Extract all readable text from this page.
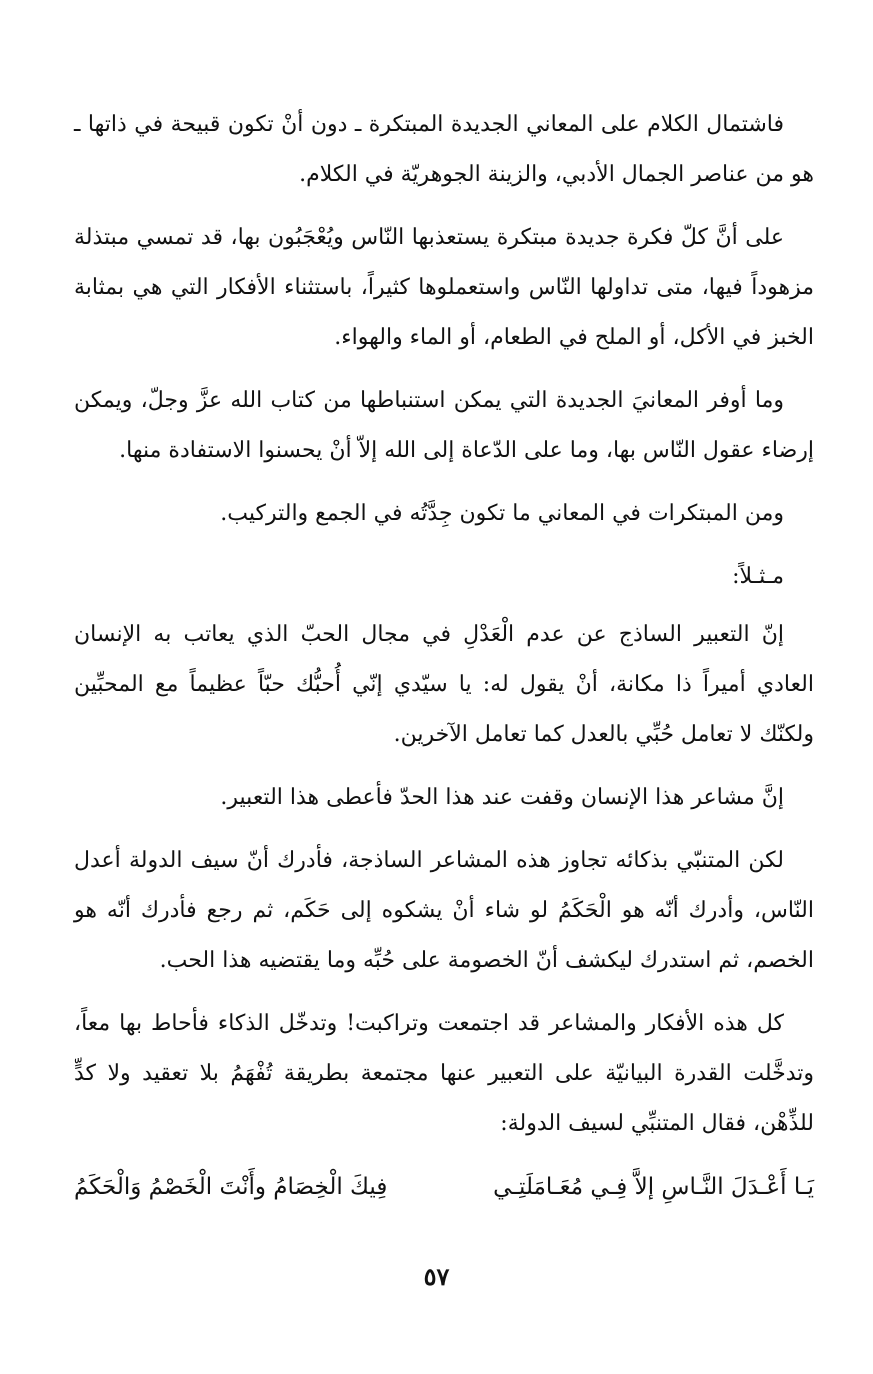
فاشتمال الكلام على المعاني الجديدة المبتكرة ـ دون أنْ تكون قبيحة في ذاتها ـ هو من عناصر الجمال الأدبي، والزينة الجوهريّة في الكلام.

على أنَّ كلّ فكرة جديدة مبتكرة يستعذبها النّاس ويُعْجَبُون بها، قد تمسي مبتذلة مزهوداً فيها، متى تداولها النّاس واستعملوها كثيراً، باستثناء الأفكار التي هي بمثابة الخبز في الأكل، أو الملح في الطعام، أو الماء والهواء.

وما أوفر المعانيَ الجديدة التي يمكن استنباطها من كتاب الله عزَّ وجلّ، ويمكن إرضاء عقول النّاس بها، وما على الدّعاة إلى الله إلاّ أنْ يحسنوا الاستفادة منها.

ومن المبتكرات في المعاني ما تكون جِدَّتُه في الجمع والتركيب.

مـثـلاً:

إنّ التعبير الساذج عن عدم الْعَدْلِ في مجال الحبّ الذي يعاتب به الإنسان العادي أميراً ذا مكانة، أنْ يقول له: يا سيّدي إنّي أُحبُّك حبّاً عظيماً مع المحبِّين ولكنّك لا تعامل حُبِّي بالعدل كما تعامل الآخرين.

إنَّ مشاعر هذا الإنسان وقفت عند هذا الحدّ فأعطى هذا التعبير.

لكن المتنبّي بذكائه تجاوز هذه المشاعر الساذجة، فأدرك أنّ سيف الدولة أعدل النّاس، وأدرك أنّه هو الْحَكَمُ لو شاء أنْ يشكوه إلى حَكَم، ثم رجع فأدرك أنّه هو الخصم، ثم استدرك ليكشف أنّ الخصومة على حُبِّه وما يقتضيه هذا الحب.

كل هذه الأفكار والمشاعر قد اجتمعت وتراكبت! وتدخّل الذكاء فأحاط بها معاً، وتدخَّلت القدرة البيانيّة على التعبير عنها مجتمعة بطريقة تُفْهَمُ بلا تعقيد ولا كدٍّ للذِّهْن، فقال المتنبِّي لسيف الدولة:

يَـا أَعْـدَلَ النَّـاسِ إلاَّ فِـي مُعَـامَلَتِـي
فِيكَ الْخِصَامُ وأَنْتَ الْخَصْمُ وَالْحَكَمُ
٥٧
